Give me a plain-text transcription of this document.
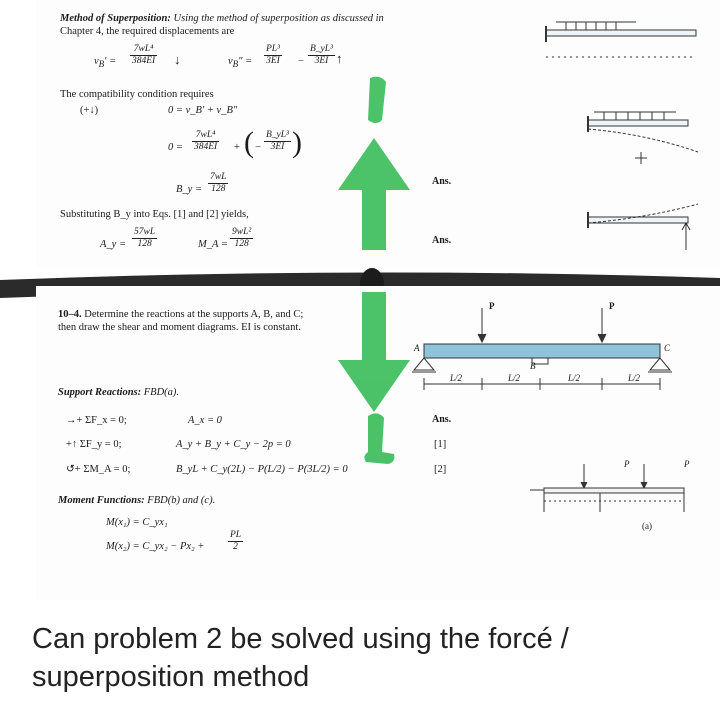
Method of Superposition: Using the method of superposition as discussed in
Chapter 4, the required displacements are
$v_B' = \frac{\text{7wL⁴}}{384EI}$ ↓	$v_B'' = \frac{\text{PL³}}{3EI} - \frac{\text{B\_yL³}}{3EI}$ ↑
The compatibility condition requires
(+↓)	0 = v_B′ + v_B″
$0 = \frac{\text{7wL⁴}}{384EI}$ + ( − $\frac{\text{B\_yL³}}{3EI}$ )
B_y = $\frac{7wL}{128}$	Ans.
Substituting B_y into Eqs. [1] and [2] yields,
A_y = $\frac{57wL}{128}$	M_A = $\frac{\text{9wL²}}{128}$	Ans.
10–4. Determine the reactions at the supports A, B, and C;
then draw the shear and moment diagrams. EI is constant.
P	P
A
B
C
L/2	L/2	L/2	L/2
Support Reactions: FBD(a).
→+ ΣF_x = 0;	A_x = 0	Ans.
+↑ ΣF_y = 0;	A_y + B_y + C_y − 2p = 0	[1]
↺+ ΣM_A = 0;	B_yL + C_y(2L) − P(L/2) − P(3L/2) = 0	[2]
Moment Functions: FBD(b) and (c).
M(x₁) = C_yx₁
M(x₂) = C_yx₂ − $Px_2 + \frac{PL}{2}$
P	P
(a)
Can problem 2 be solved using the forcé / superposition method
